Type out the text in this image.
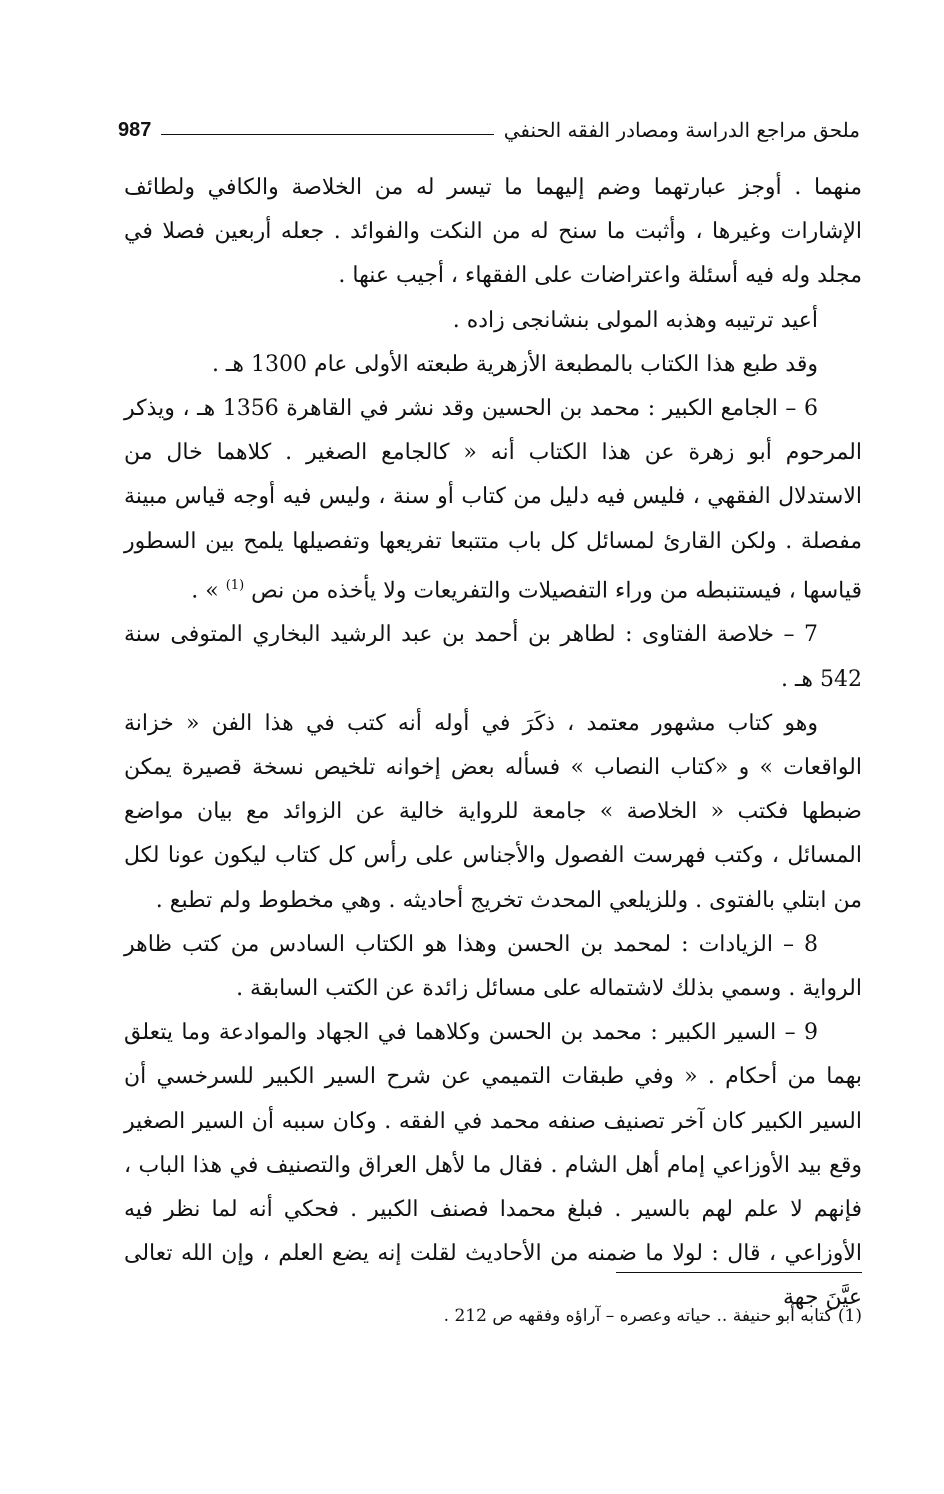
ملحق مراجع الدراسة ومصادر الفقه الحنفي
987

منهما . أوجز عبارتهما وضم إليهما ما تيسر له من الخلاصة والكافي ولطائف الإشارات وغيرها ، وأثبت ما سنح له من النكت والفوائد . جعله أربعين فصلا في مجلد وله فيه أسئلة واعتراضات على الفقهاء ، أجيب عنها .

أعيد ترتيبه وهذبه المولى بنشانجى زاده .

وقد طبع هذا الكتاب بالمطبعة الأزهرية طبعته الأولى عام 1300 هـ .

6 – الجامع الكبير : محمد بن الحسين وقد نشر في القاهرة 1356 هـ ، ويذكر المرحوم أبو زهرة عن هذا الكتاب أنه « كالجامع الصغير . كلاهما خال من الاستدلال الفقهي ، فليس فيه دليل من كتاب أو سنة ، وليس فيه أوجه قياس مبينة مفصلة . ولكن القارئ لمسائل كل باب متتبعا تفريعها وتفصيلها يلمح بين السطور قياسها ، فيستنبطه من وراء التفصيلات والتفريعات ولا يأخذه من نص $^{(1)}$ » .

7 – خلاصة الفتاوى : لطاهر بن أحمد بن عبد الرشيد البخاري المتوفى سنة 542 هـ .

وهو كتاب مشهور معتمد ، ذكَرَ في أوله أنه كتب في هذا الفن « خزانة الواقعات » و «كتاب النصاب » فسأله بعض إخوانه تلخيص نسخة قصيرة يمكن ضبطها فكتب « الخلاصة » جامعة للرواية خالية عن الزوائد مع بيان مواضع المسائل ، وكتب فهرست الفصول والأجناس على رأس كل كتاب ليكون عونا لكل من ابتلي بالفتوى . وللزيلعي المحدث تخريج أحاديثه . وهي مخطوط ولم تطبع .

8 – الزيادات : لمحمد بن الحسن وهذا هو الكتاب السادس من كتب ظاهر الرواية . وسمي بذلك لاشتماله على مسائل زائدة عن الكتب السابقة .

9 – السير الكبير : محمد بن الحسن وكلاهما في الجهاد والموادعة وما يتعلق بهما من أحكام . « وفي طبقات التميمي عن شرح السير الكبير للسرخسي أن السير الكبير كان آخر تصنيف صنفه محمد في الفقه . وكان سببه أن السير الصغير وقع بيد الأوزاعي إمام أهل الشام . فقال ما لأهل العراق والتصنيف في هذا الباب ، فإنهم لا علم لهم بالسير . فبلغ محمدا فصنف الكبير . فحكي أنه لما نظر فيه الأوزاعي ، قال : لولا ما ضمنه من الأحاديث لقلت إنه يضع العلم ، وإن الله تعالى عيَّنَ جهة

(1) كتابه أبو حنيفة .. حياته وعصره – آراؤه وفقهه ص 212 .
